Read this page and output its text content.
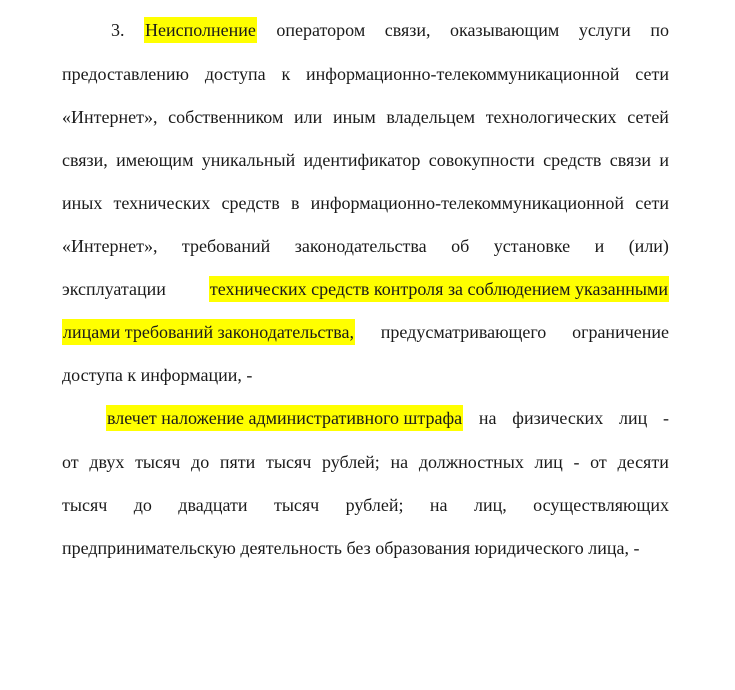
3. Неисполнение оператором связи, оказывающим услуги по
предоставлению доступа к информационно-телекоммуникационной сети
«Интернет», собственником или иным владельцем технологических сетей
связи, имеющим уникальный идентификатор совокупности средств связи и
иных технических средств в информационно-телекоммуникационной сети
«Интернет», требований законодательства об установке и (или)
эксплуатации технических средств контроля за соблюдением указанными
лицами требований законодательства, предусматривающего ограничение
доступа к информации, -
влечет наложение административного штрафа на физических лиц -
от двух тысяч до пяти тысяч рублей; на должностных лиц - от десяти
тысяч до двадцати тысяч рублей; на лиц, осуществляющих
предпринимательскую деятельность без образования юридического лица, -
